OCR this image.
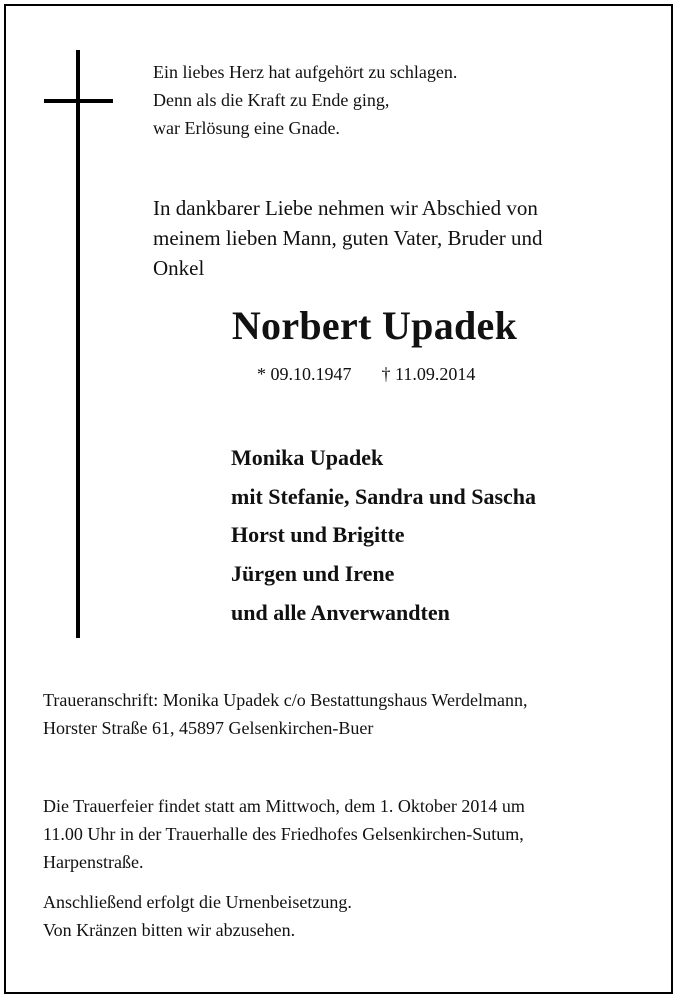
Ein liebes Herz hat aufgehört zu schlagen.
Denn als die Kraft zu Ende ging,
war Erlösung eine Gnade.
In dankbarer Liebe nehmen wir Abschied von
meinem lieben Mann, guten Vater, Bruder und
Onkel
Norbert Upadek
* 09.10.1947 † 11.09.2014
Monika Upadek
mit Stefanie, Sandra und Sascha
Horst und Brigitte
Jürgen und Irene
und alle Anverwandten
Traueranschrift: Monika Upadek c/o Bestattungshaus Werdelmann,
Horster Straße 61, 45897 Gelsenkirchen-Buer
Die Trauerfeier findet statt am Mittwoch, dem 1. Oktober 2014 um
11.00 Uhr in der Trauerhalle des Friedhofes Gelsenkirchen-Sutum,
Harpenstraße.
Anschließend erfolgt die Urnenbeisetzung.
Von Kränzen bitten wir abzusehen.
